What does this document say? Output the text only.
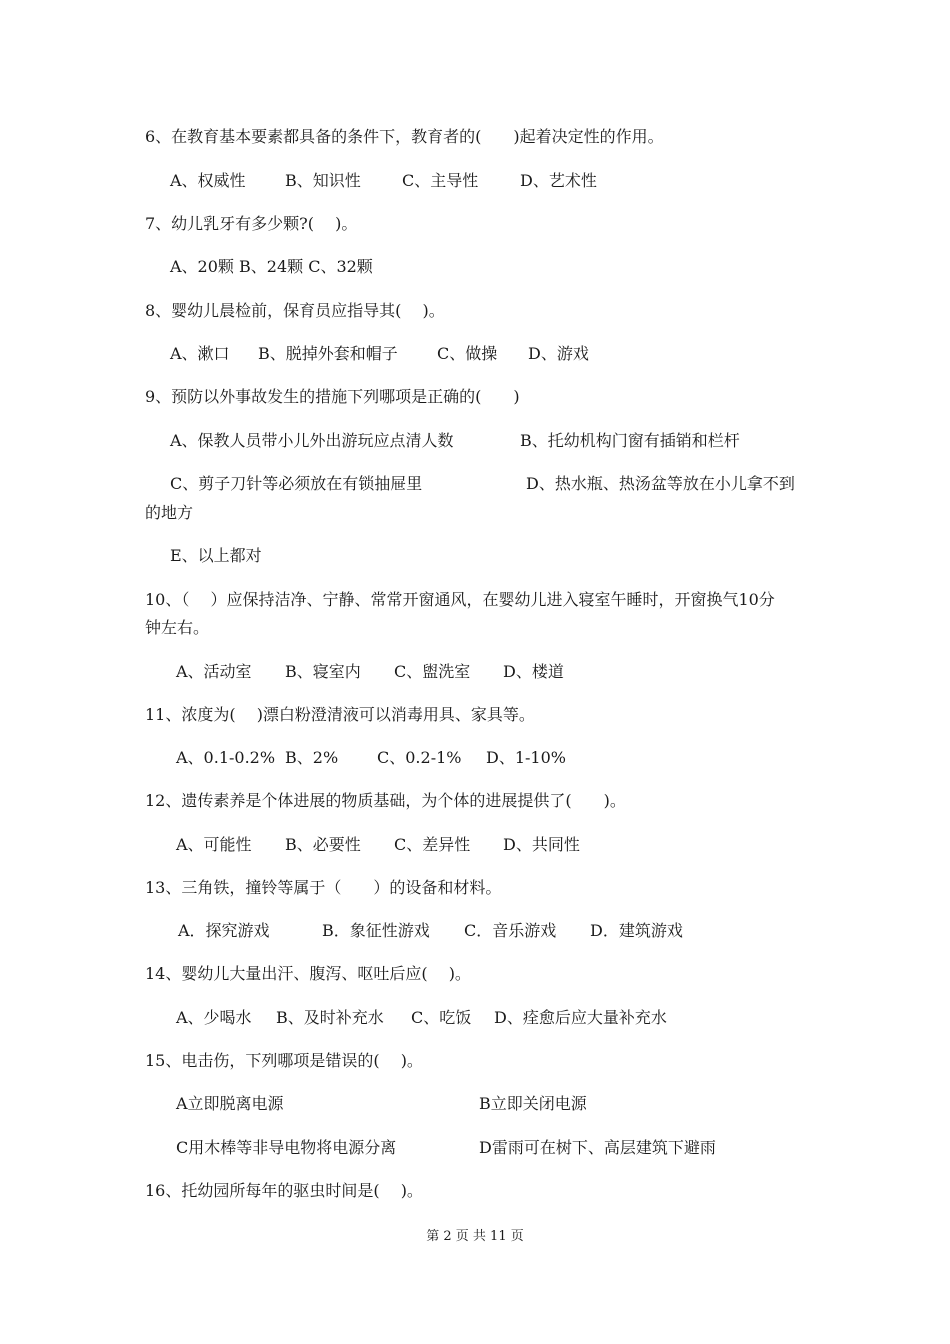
6、在教育基本要素都具备的条件下，教育者的(　　)起着决定性的作用。
A、权威性 B、知识性	C、主导性	D、艺术性
7、幼儿乳牙有多少颗?(　 )。
A、20颗 B、24颗 C、32颗
8、婴幼儿晨检前，保育员应指导其(　 )。
A、漱口 B、脱掉外套和帽子 C、做操 D、游戏
9、预防以外事故发生的措施下列哪项是正确的(　　)
A、保教人员带小儿外出游玩应点清人数	B、托幼机构门窗有插销和栏杆
C、剪子刀针等必须放在有锁抽屉里	D、热水瓶、热汤盆等放在小儿拿不到
的地方
E、以上都对
10、（　 ）应保持洁净、宁静、常常开窗通风，在婴幼儿进入寝室午睡时，开窗换气10分
钟左右。
A、活动室 B、寝室内 C、盥洗室 D、楼道
11、浓度为(　 )漂白粉澄清液可以消毒用具、家具等。
A、0.1-0.2% B、2% C、0.2-1% D、1-10%
12、遗传素养是个体进展的物质基础，为个体的进展提供了(　　)。
A、可能性 B、必要性 C、差异性 D、共同性
13、三角铁，撞铃等属于（　　）的设备和材料。
A．探究游戏	B．象征性游戏 C．音乐游戏 D．建筑游戏
14、婴幼儿大量出汗、腹泻、呕吐后应(　 )。
A、少喝水 B、及时补充水 C、吃饭 D、痊愈后应大量补充水
15、电击伤，下列哪项是错误的(　 )。
A立即脱离电源	B立即关闭电源
C用木棒等非导电物将电源分离	D雷雨可在树下、高层建筑下避雨
16、托幼园所每年的驱虫时间是(　 )。
第 2 页 共 11 页
